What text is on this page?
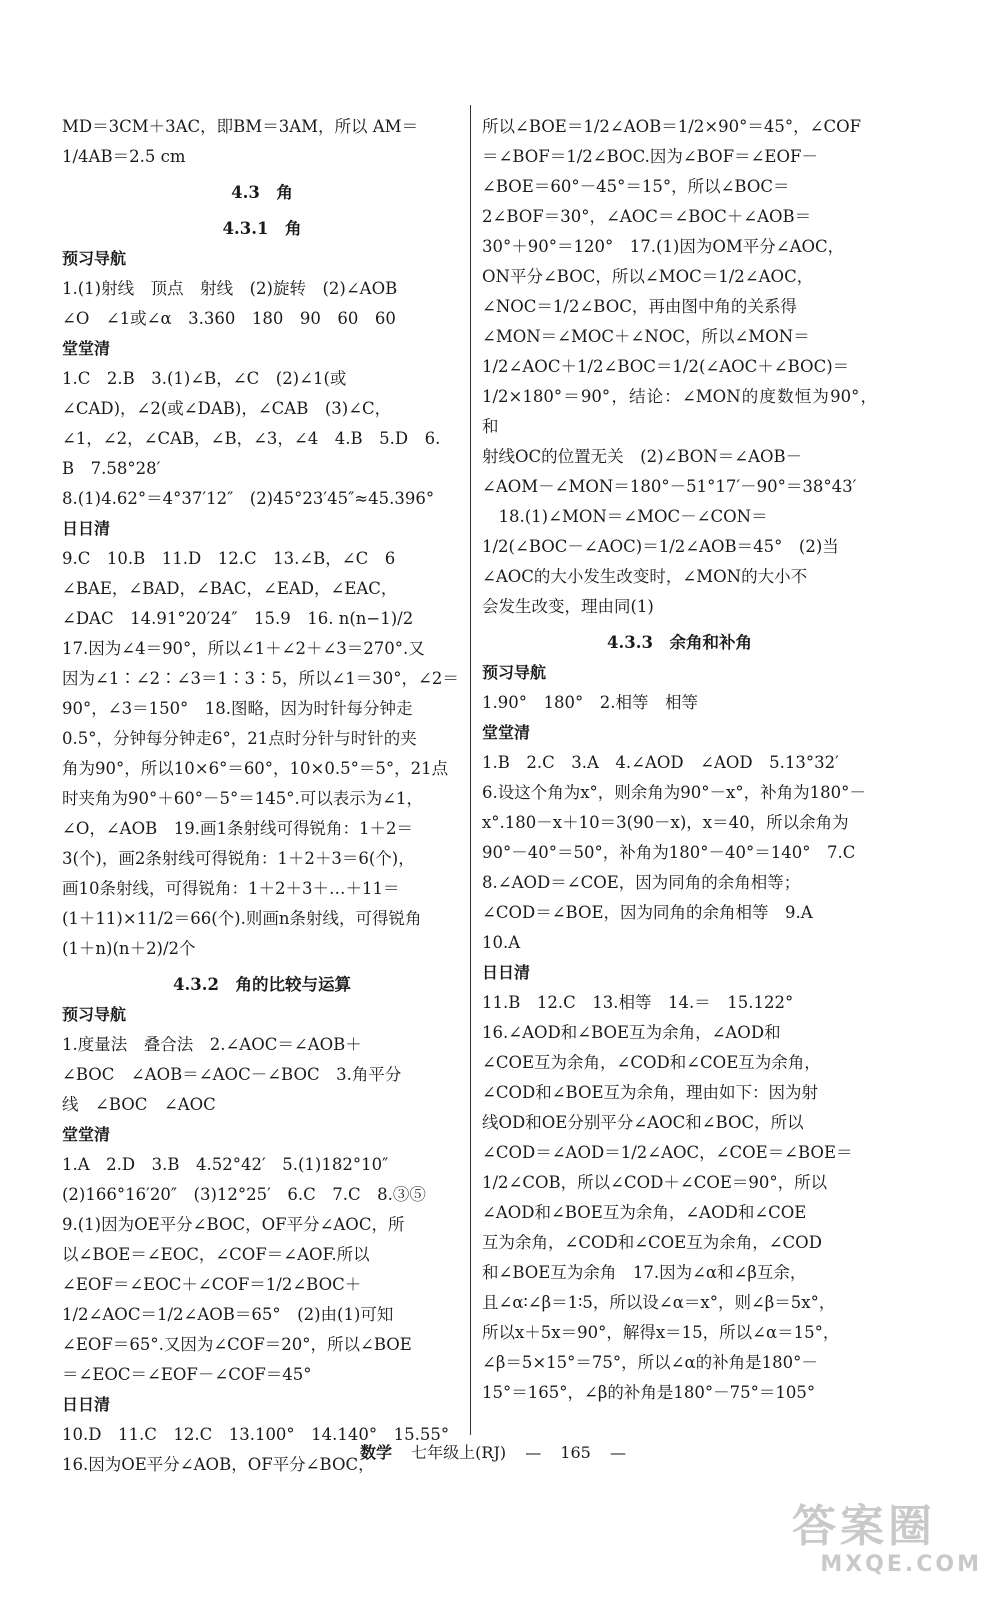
MD＝3CM＋3AC，即BM＝3AM，所以 AM＝
1/4AB＝2.5 cm
4.3　角
4.3.1　角
预习导航
1.(1)射线　顶点　射线　(2)旋转　(2)∠AOB
∠O　∠1或∠α　3.360　180　90　60　60
堂堂清
1.C　2.B　3.(1)∠B，∠C　(2)∠1(或
∠CAD)，∠2(或∠DAB)，∠CAB　(3)∠C，
∠1，∠2，∠CAB，∠B，∠3，∠4　4.B　5.D　6.
B　7.58°28′
8.(1)4.62°＝4°37′12″　(2)45°23′45″≈45.396°
日日清
9.C　10.B　11.D　12.C　13.∠B，∠C　6
∠BAE，∠BAD，∠BAC，∠EAD，∠EAC，
∠DAC　14.91°20′24″　15.9　16. n(n−1)/2
17.因为∠4＝90°，所以∠1＋∠2＋∠3＝270°.又
因为∠1∶∠2∶∠3＝1∶3∶5，所以∠1＝30°，∠2＝
90°，∠3＝150°　18.图略，因为时针每分钟走
0.5°，分钟每分钟走6°，21点时分针与时针的夹
角为90°，所以10×6°＝60°，10×0.5°＝5°，21点
时夹角为90°＋60°－5°＝145°.可以表示为∠1，
∠O，∠AOB　19.画1条射线可得锐角：1＋2＝
3(个)，画2条射线可得锐角：1＋2＋3＝6(个)，
画10条射线，可得锐角：1＋2＋3＋…＋11＝
(1＋11)×11/2＝66(个).则画n条射线，可得锐角
(1＋n)(n＋2)/2个
4.3.2　角的比较与运算
预习导航
1.度量法　叠合法　2.∠AOC＝∠AOB＋
∠BOC　∠AOB＝∠AOC－∠BOC　3.角平分
线　∠BOC　∠AOC
堂堂清
1.A　2.D　3.B　4.52°42′　5.(1)182°10″
(2)166°16′20″　(3)12°25′　6.C　7.C　8.③⑤
9.(1)因为OE平分∠BOC，OF平分∠AOC，所
以∠BOE＝∠EOC，∠COF＝∠AOF.所以
∠EOF＝∠EOC＋∠COF＝1/2∠BOC＋
1/2∠AOC＝1/2∠AOB＝65°　(2)由(1)可知
∠EOF＝65°.又因为∠COF＝20°，所以∠BOE
＝∠EOC＝∠EOF－∠COF＝45°
日日清
10.D　11.C　12.C　13.100°　14.140°　15.55°
16.因为OE平分∠AOB，OF平分∠BOC，
所以∠BOE＝1/2∠AOB＝1/2×90°＝45°，∠COF
＝∠BOF＝1/2∠BOC.因为∠BOF＝∠EOF－
∠BOE＝60°－45°＝15°，所以∠BOC＝
2∠BOF＝30°，∠AOC＝∠BOC＋∠AOB＝
30°＋90°＝120°　17.(1)因为OM平分∠AOC，
ON平分∠BOC，所以∠MOC＝1/2∠AOC，
∠NOC＝1/2∠BOC，再由图中角的关系得
∠MON＝∠MOC＋∠NOC，所以∠MON＝
1/2∠AOC＋1/2∠BOC＝1/2(∠AOC＋∠BOC)＝
1/2×180°＝90°，结论：∠MON的度数恒为90°，和
射线OC的位置无关　(2)∠BON＝∠AOB－
∠AOM－∠MON＝180°－51°17′－90°＝38°43′
　18.(1)∠MON＝∠MOC－∠CON＝
1/2(∠BOC－∠AOC)＝1/2∠AOB＝45°　(2)当
∠AOC的大小发生改变时，∠MON的大小不
会发生改变，理由同(1)
4.3.3　余角和补角
预习导航
1.90°　180°　2.相等　相等
堂堂清
1.B　2.C　3.A　4.∠AOD　∠AOD　5.13°32′
6.设这个角为x°，则余角为90°－x°，补角为180°－
x°.180－x＋10＝3(90－x)，x＝40，所以余角为
90°－40°＝50°，补角为180°－40°＝140°　7.C
8.∠AOD＝∠COE，因为同角的余角相等；
∠COD＝∠BOE，因为同角的余角相等　9.A
10.A
日日清
11.B　12.C　13.相等　14.＝　15.122°
16.∠AOD和∠BOE互为余角，∠AOD和
∠COE互为余角，∠COD和∠COE互为余角，
∠COD和∠BOE互为余角，理由如下：因为射
线OD和OE分别平分∠AOC和∠BOC，所以
∠COD＝∠AOD＝1/2∠AOC，∠COE＝∠BOE＝
1/2∠COB，所以∠COD＋∠COE＝90°，所以
∠AOD和∠BOE互为余角，∠AOD和∠COE
互为余角，∠COD和∠COE互为余角，∠COD
和∠BOE互为余角　17.因为∠α和∠β互余，
且∠α∶∠β＝1∶5，所以设∠α＝x°，则∠β＝5x°，
所以x＋5x＝90°，解得x＝15，所以∠α＝15°，
∠β＝5×15°＝75°，所以∠α的补角是180°－
15°＝165°，∠β的补角是180°－75°＝105°
数学 七年级上(RJ) — 165 —
答案圈
MXQE.COM
